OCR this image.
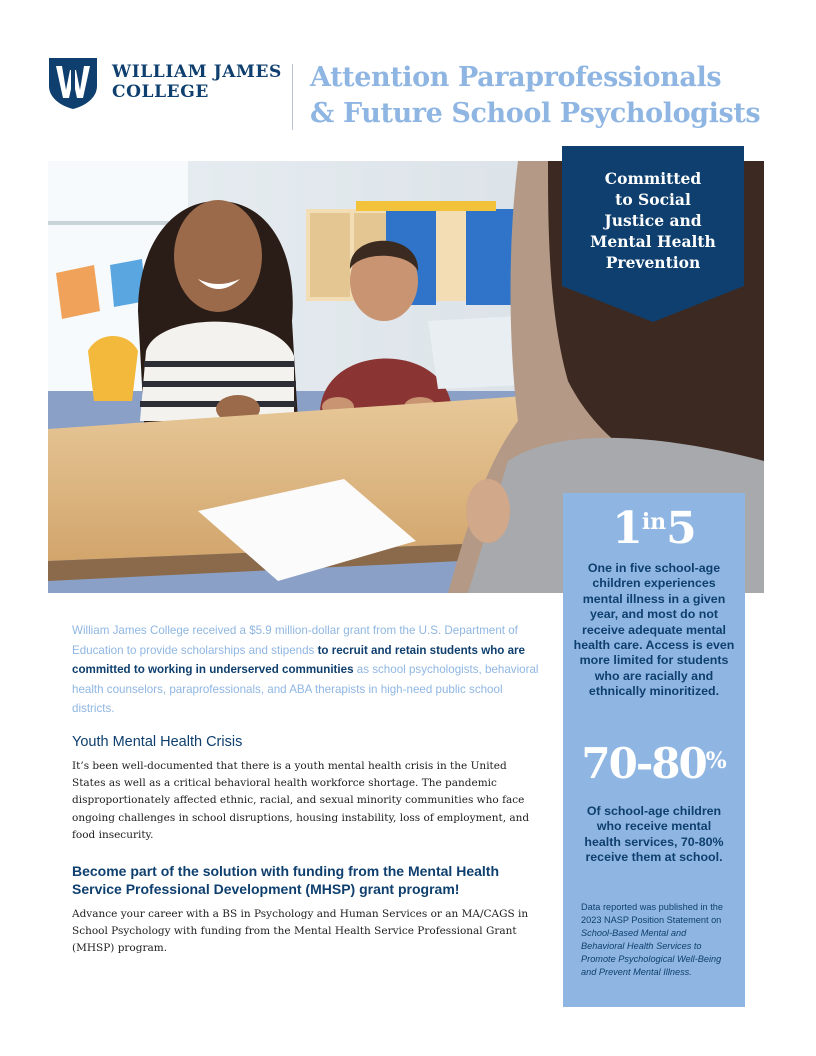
WILLIAM JAMES
COLLEGE	Attention Paraprofessionals
& Future School Psychologists
Committed
to Social
Justice and
Mental Health
Prevention
1in5
One in five school-age children experiences mental illness in a given year, and most do not receive adequate mental health care. Access is even more limited for students who are racially and ethnically minoritized.
70-80%
Of school-age children who receive mental health services, 70-80% receive them at school.
Data reported was published in the 2023 NASP Position Statement on School-Based Mental and Behavioral Health Services to Promote Psychological Well-Being and Prevent Mental Illness.

William James College received a $5.9 million-dollar grant from the U.S. Department of Education to provide scholarships and stipends to recruit and retain students who are committed to working in underserved communities as school psychologists, behavioral health counselors, paraprofessionals, and ABA therapists in high-need public school districts.

Youth Mental Health Crisis

It’s been well-documented that there is a youth mental health crisis in the United States as well as a critical behavioral health workforce shortage. The pandemic disproportionately affected ethnic, racial, and sexual minority communities who face ongoing challenges in school disruptions, housing instability, loss of employment, and food insecurity.

Become part of the solution with funding from the Mental Health Service Professional Development (MHSP) grant program!

Advance your career with a BS in Psychology and Human Services or an MA/CAGS in School Psychology with funding from the Mental Health Service Professional Grant (MHSP) program.
